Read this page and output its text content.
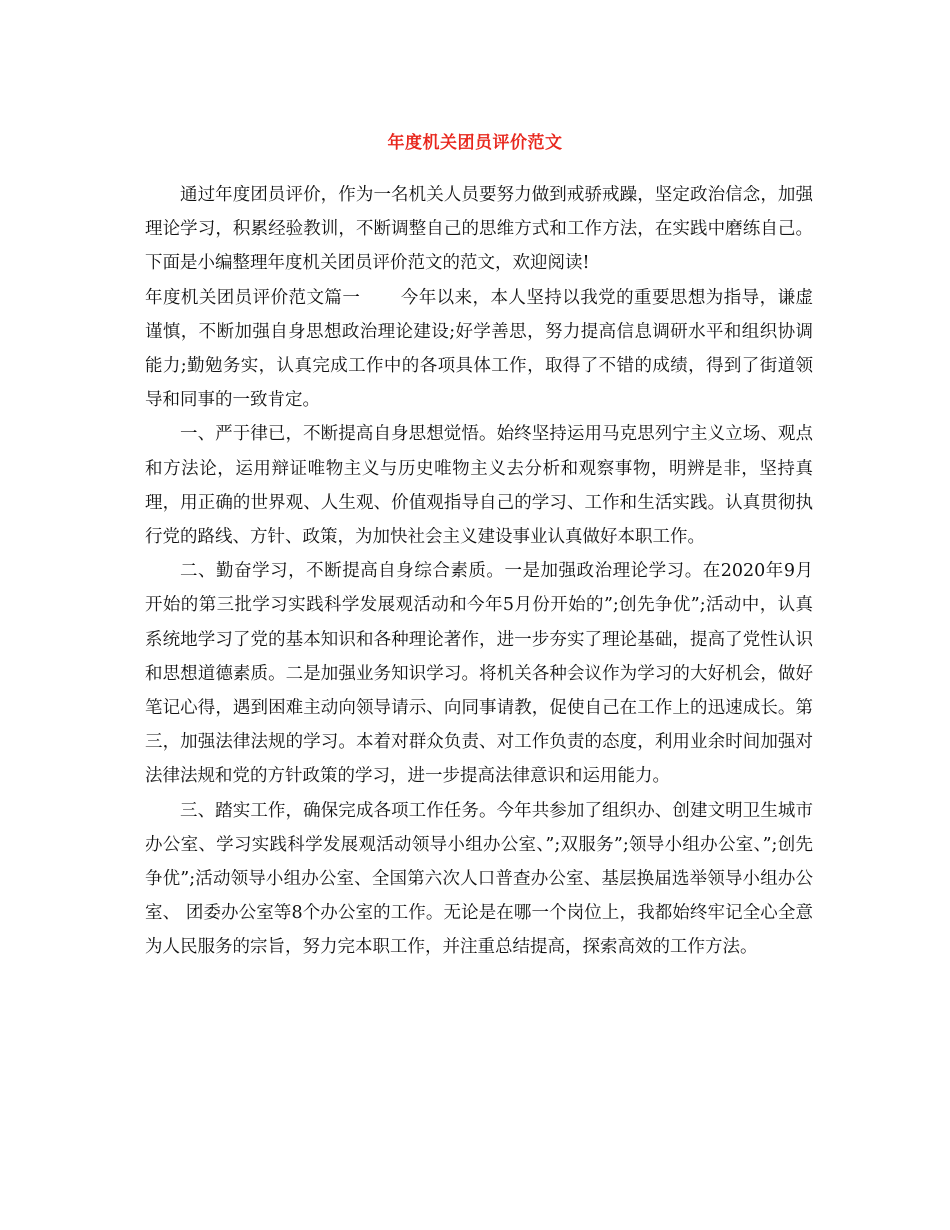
年度机关团员评价范文

通过年度团员评价，作为一名机关人员要努力做到戒骄戒躁，坚定政治信念，加强理论学习，积累经验教训，不断调整自己的思维方式和工作方法，在实践中磨练自己。下面是小编整理年度机关团员评价范文的范文，欢迎阅读!

年度机关团员评价范文篇一 今年以来，本人坚持以我党的重要思想为指导，谦虚谨慎，不断加强自身思想政治理论建设;好学善思，努力提高信息调研水平和组织协调能力;勤勉务实，认真完成工作中的各项具体工作，取得了不错的成绩，得到了街道领导和同事的一致肯定。

一、严于律已，不断提高自身思想觉悟。始终坚持运用马克思列宁主义立场、观点和方法论，运用辩证唯物主义与历史唯物主义去分析和观察事物，明辨是非，坚持真理，用正确的世界观、人生观、价值观指导自己的学习、工作和生活实践。认真贯彻执行党的路线、方针、政策，为加快社会主义建设事业认真做好本职工作。

二、勤奋学习，不断提高自身综合素质。一是加强政治理论学习。在2020年9月开始的第三批学习实践科学发展观活动和今年5月份开始的”;创先争优”;活动中，认真系统地学习了党的基本知识和各种理论著作，进一步夯实了理论基础，提高了党性认识和思想道德素质。二是加强业务知识学习。将机关各种会议作为学习的大好机会，做好笔记心得，遇到困难主动向领导请示、向同事请教，促使自己在工作上的迅速成长。第三，加强法律法规的学习。本着对群众负责、对工作负责的态度，利用业余时间加强对法律法规和党的方针政策的学习，进一步提高法律意识和运用能力。

三、踏实工作，确保完成各项工作任务。今年共参加了组织办、创建文明卫生城市办公室、学习实践科学发展观活动领导小组办公室、”;双服务”;领导小组办公室、”;创先争优”;活动领导小组办公室、全国第六次人口普查办公室、基层换届选举领导小组办公室、 团委办公室等8个办公室的工作。无论是在哪一个岗位上，我都始终牢记全心全意为人民服务的宗旨，努力完本职工作，并注重总结提高，探索高效的工作方法。
